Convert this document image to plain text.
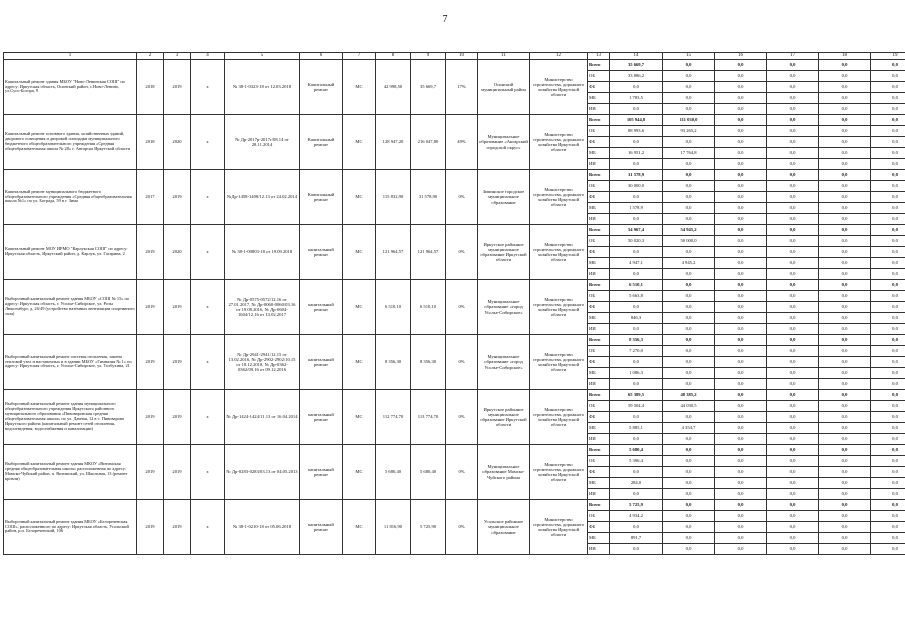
7
1	2	3	4	5	6	7	8	9	10	11	12	13	14	15	16	17	18	19
Капитальный ремонт здания МБОУ "Ново-Ленинская СОШ" по адресу: Иркутская область, Осинский район, с.Ново-Ленино, ул.Сусо-Богора, 9	2018	2019	х	№ 38-1-0323-18 от 12.03.2018	Капитальный ремонт	МС	42 998,50	35 669,7	17%	Осинский муниципальный район	Министерство строительства, дорожного хозяйства Иркутской области	Всего	35 669,7	0,0	0,0	0,0	0,0	0,0
												ОБ	33 886,2	0,0	0,0	0,0	0,0	0,0
												ФБ	0,0	0,0	0,0	0,0	0,0	0,0
												МБ	1 783,5	0,0	0,0	0,0	0,0	0,0
												ИИ	0,0	0,0	0,0	0,0	0,0	0,0
Капитальный ремонт основного здания, хозяйственных зданий, дворового освещения и дворовой площадки муниципального бюджетного общеобразовательного учреждения «Средняя общеобразовательная школа № 28» г. Ангарска Иркутской области	2018	2020	х	№ Др-2017р-2017г/08.14 от 28.11.2014	Капитальный ремонт	МС	128 947,20	216 047,80	49%	Муниципальное образование «Ангарский городской округ»	Министерство строительства, дорожного хозяйства Иркутской области	Всего	105 944,8	111 030,0	0,0	0,0	0,0	0,0
												ОБ	88 993,6	93 265,2	0,0	0,0	0,0	0,0
												ФБ	0,0	0,0	0,0	0,0	0,0	0,0
												МБ	16 951,2	17 764,8	0,0	0,0	0,0	0,0
												ИИ	0,0	0,0	0,0	0,0	0,0	0,0
Капитальный ремонт муниципального бюджетного общеобразовательного учреждения «Средняя общеобразовательная школа №1» по ул. Бограда, 59 в г. Зима	2017	2019	х	№Др-1458-1408/12.13 от 24.02.2014	Капитальный ремонт	МС	115 832,90	31 578,90	0%	Зиминское городское муниципальное образование	Министерство строительства, дорожного хозяйства Иркутской области	Всего	31 578,9	0,0	0,0	0,0	0,0	0,0
												ОБ	30 000,0	0,0	0,0	0,0	0,0	0,0
												ФБ	0,0	0,0	0,0	0,0	0,0	0,0
												МБ	1 578,9	0,0	0,0	0,0	0,0	0,0
												ИИ	0,0	0,0	0,0	0,0	0,0	0,0
Капитальный ремонт МОУ ИРМО "Карлукская СОШ" по адресу: Иркутская область, Иркутский район, д. Карлук, ул. Гагарина, 2	2019	2020	х	№ 38-1-00803-18 от 19.09.2018	капитальный ремонт	МС	121 964,57	121 964,57	0%	Иркутское районное муниципальное образование Иркутской области	Министерство строительства, дорожного хозяйства Иркутской области	Всего	54 967,4	54 945,2	0,0	0,0	0,0	0,0
												ОБ	50 020,3	50 000,0	0,0	0,0	0,0	0,0
												ФБ	0,0	0,0	0,0	0,0	0,0	0,0
												МБ	4 947,1	4 945,2	0,0	0,0	0,0	0,0
												ИИ	0,0	0,0	0,0	0,0	0,0	0,0
Выборочный капитальный ремонт здания МБОУ «СОШ № 15» по адресу: Иркутская область, г. Усолье-Сибирское, ул. Розы Люксембург, д. 26/49 (устройство наземных вентиляции спортивного зала)	2019	2019	х	№ Др-0575-0572/12.16 от 27.01.2017, № Др-0060-0060/03.16 от 19.08.2016, № Др-0604-1604/12.16 от 13.02.2017	капитальный ремонт	МС	6 510,10	6 510,10	0%	Муниципальное образование «город Усолье-Сибирское»	Министерство строительства, дорожного хозяйства Иркутской области	Всего	6 510,1	0,0	0,0	0,0	0,0	0,0
												ОБ	5 663,8	0,0	0,0	0,0	0,0	0,0
												ФБ	0,0	0,0	0,0	0,0	0,0	0,0
												МБ	846,3	0,0	0,0	0,0	0,0	0,0
												ИИ	0,0	0,0	0,0	0,0	0,0	0,0
Выборочный капитальный ремонт системы отопления, замена тепловой узел и наставочных и в здании МБОУ «Гимназия № 1» по адресу: Иркутская область, г. Усолье-Сибирское, ул. Толбухина, 21	2019	2019	х	№ Др-2941-2941/12.15 от 13.02.2016, № Др-2902-2902/10.15 от 18.12.2018, № Др-0362-0362/09.16 от 09.12.2016	капитальный ремонт	МС	8 356,30	8 356,30	0%	Муниципальное образование «город Усолье-Сибирское»	Министерство строительства, дорожного хозяйства Иркутской области	Всего	8 356,3	0,0	0,0	0,0	0,0	0,0
												ОБ	7 270,0	0,0	0,0	0,0	0,0	0,0
												ФБ	0,0	0,0	0,0	0,0	0,0	0,0
												МБ	1 086,3	0,0	0,0	0,0	0,0	0,0
												ИИ	0,0	0,0	0,0	0,0	0,0	0,0
Выборочный капитальный ремонт здания муниципального общеобразовательного учреждения Иркутского районного муниципального образования «Пивоваровская средняя общеобразовательная школа» по ул. Дачная, 12 в с. Пивоварова Иркутского района (капитальный ремонт сетей отопления, водоотведения, водоснабжения и канализации)	2019	2019	х	№ Др-1424-1424/11.13 от 16.04.2014	капитальный ремонт	МС	112 774,70	113 774,70	0%	Иркутское районное муниципальное образование Иркутской области	Министерство строительства, дорожного хозяйства Иркутской области	Всего	65 389,5	48 385,2	0,0	0,0	0,0	0,0
												ОБ	59 504,4	44 030,5	0,0	0,0	0,0	0,0
												ФБ	0,0	0,0	0,0	0,0	0,0	0,0
												МБ	5 885,1	4 354,7	0,0	0,0	0,0	0,0
												ИИ	0,0	0,0	0,0	0,0	0,0	0,0
Выборочный капитальный ремонт здания МКОУ «Витимская средняя общеобразовательная школа» расположенная по адресу: Мамско-Чуйский район, п. Витимский, ул. Школьная, 13 (ремонт кровли)	2019	2019	х	№ Др-0283-0283/03.13 от 04.05.2013	капитальный ремонт	МС	5 680,40	5 680,40	0%	Муниципальное образование Мамско-Чуйского района	Министерство строительства, дорожного хозяйства Иркутской области	Всего	5 680,4	0,0	0,0	0,0	0,0	0,0
												ОБ	5 396,4	0,0	0,0	0,0	0,0	0,0
												ФБ	0,0	0,0	0,0	0,0	0,0	0,0
												МБ	284,0	0,0	0,0	0,0	0,0	0,0
												ИИ	0,0	0,0	0,0	0,0	0,0	0,0
Выборочный капитальный ремонт здания МБОУ «Белореченская СОШ», расположенного по адресу: Иркутская область, Усольский район, р.п. Белореченский, 106	2019	2019	х	№ 38-1-0210-18 от 05.06.2018	капитальный ремонт	МС	11 816,90	5 725,90	0%	Усольское районное муниципальное образование	Министерство строительства, дорожного хозяйства Иркутской области	Всего	5 725,9	0,0	0,0	0,0	0,0	0,0
												ОБ	4 934,2	0,0	0,0	0,0	0,0	0,0
												ФБ	0,0	0,0	0,0	0,0	0,0	0,0
												МБ	891,7	0,0	0,0	0,0	0,0	0,0
												ИИ	0,0	0,0	0,0	0,0	0,0	0,0
